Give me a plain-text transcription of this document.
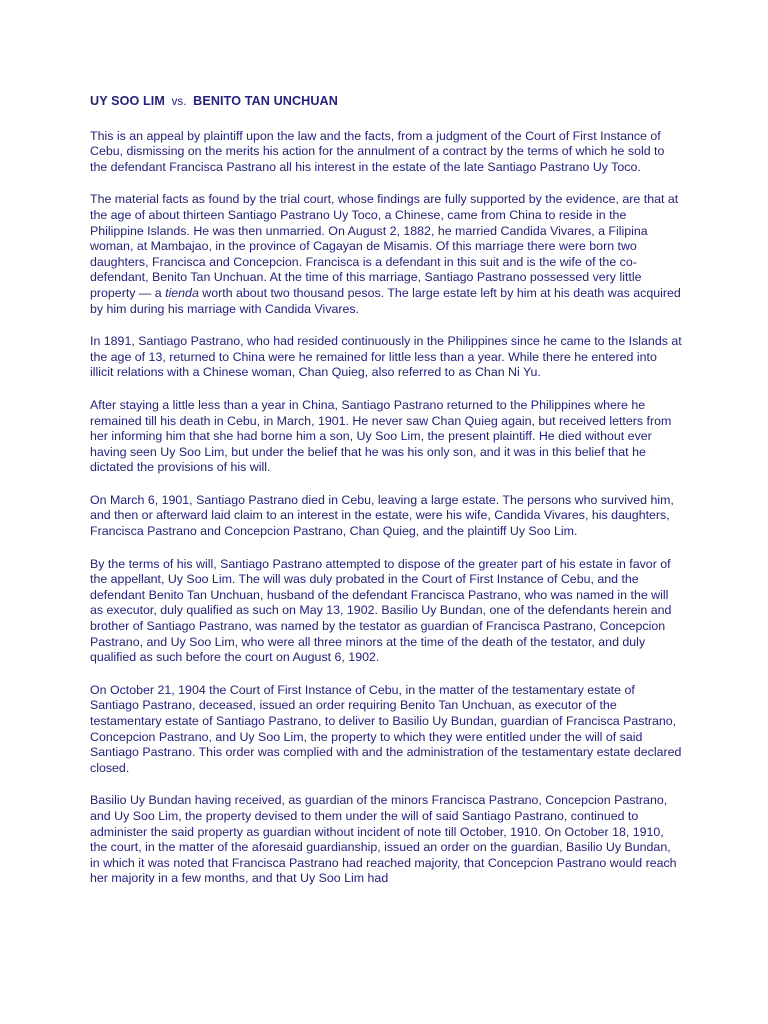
UY SOO LIM vs. BENITO TAN UNCHUAN

This is an appeal by plaintiff upon the law and the facts, from a judgment of the Court of First Instance of Cebu, dismissing on the merits his action for the annulment of a contract by the terms of which he sold to the defendant Francisca Pastrano all his interest in the estate of the late Santiago Pastrano Uy Toco.

The material facts as found by the trial court, whose findings are fully supported by the evidence, are that at the age of about thirteen Santiago Pastrano Uy Toco, a Chinese, came from China to reside in the Philippine Islands. He was then unmarried. On August 2, 1882, he married Candida Vivares, a Filipina woman, at Mambajao, in the province of Cagayan de Misamis. Of this marriage there were born two daughters, Francisca and Concepcion. Francisca is a defendant in this suit and is the wife of the co-defendant, Benito Tan Unchuan. At the time of this marriage, Santiago Pastrano possessed very little property — a tienda worth about two thousand pesos. The large estate left by him at his death was acquired by him during his marriage with Candida Vivares.

In 1891, Santiago Pastrano, who had resided continuously in the Philippines since he came to the Islands at the age of 13, returned to China were he remained for little less than a year. While there he entered into illicit relations with a Chinese woman, Chan Quieg, also referred to as Chan Ni Yu.

After staying a little less than a year in China, Santiago Pastrano returned to the Philippines where he remained till his death in Cebu, in March, 1901. He never saw Chan Quieg again, but received letters from her informing him that she had borne him a son, Uy Soo Lim, the present plaintiff. He died without ever having seen Uy Soo Lim, but under the belief that he was his only son, and it was in this belief that he dictated the provisions of his will.

On March 6, 1901, Santiago Pastrano died in Cebu, leaving a large estate. The persons who survived him, and then or afterward laid claim to an interest in the estate, were his wife, Candida Vivares, his daughters, Francisca Pastrano and Concepcion Pastrano, Chan Quieg, and the plaintiff Uy Soo Lim.

By the terms of his will, Santiago Pastrano attempted to dispose of the greater part of his estate in favor of the appellant, Uy Soo Lim. The will was duly probated in the Court of First Instance of Cebu, and the defendant Benito Tan Unchuan, husband of the defendant Francisca Pastrano, who was named in the will as executor, duly qualified as such on May 13, 1902. Basilio Uy Bundan, one of the defendants herein and brother of Santiago Pastrano, was named by the testator as guardian of Francisca Pastrano, Concepcion Pastrano, and Uy Soo Lim, who were all three minors at the time of the death of the testator, and duly qualified as such before the court on August 6, 1902.

On October 21, 1904 the Court of First Instance of Cebu, in the matter of the testamentary estate of Santiago Pastrano, deceased, issued an order requiring Benito Tan Unchuan, as executor of the testamentary estate of Santiago Pastrano, to deliver to Basilio Uy Bundan, guardian of Francisca Pastrano, Concepcion Pastrano, and Uy Soo Lim, the property to which they were entitled under the will of said Santiago Pastrano. This order was complied with and the administration of the testamentary estate declared closed.

Basilio Uy Bundan having received, as guardian of the minors Francisca Pastrano, Concepcion Pastrano, and Uy Soo Lim, the property devised to them under the will of said Santiago Pastrano, continued to administer the said property as guardian without incident of note till October, 1910. On October 18, 1910, the court, in the matter of the aforesaid guardianship, issued an order on the guardian, Basilio Uy Bundan, in which it was noted that Francisca Pastrano had reached majority, that Concepcion Pastrano would reach her majority in a few months, and that Uy Soo Lim had
